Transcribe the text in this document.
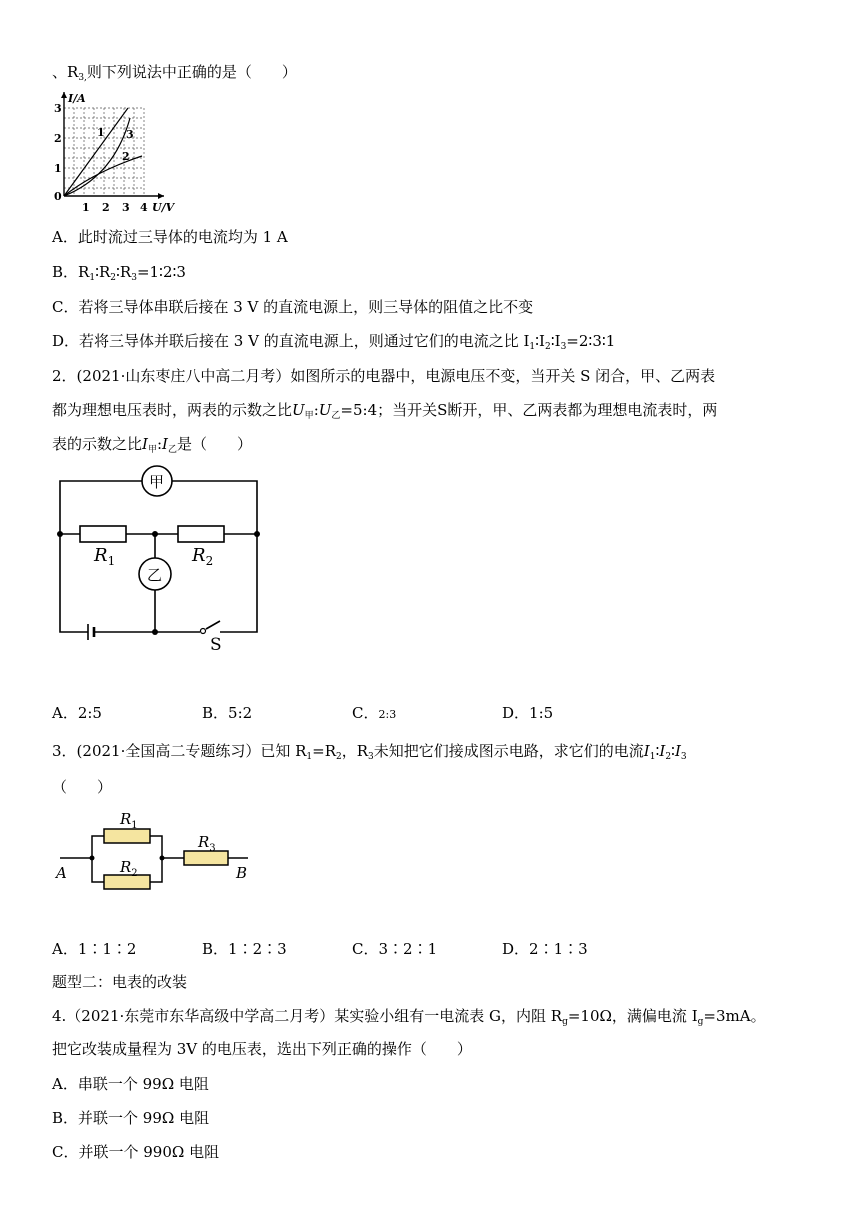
、$R_{3,}$则下列说法中正确的是（　　）
I/A
U/V
3
2
1
0
1 2 3 4
1 3
2
A．此时流过三导体的电流均为 1 A
B．$R_1∶R_2∶R_3=1∶2∶3$
C．若将三导体串联后接在 3 V 的直流电源上，则三导体的阻值之比不变
D．若将三导体并联后接在 3 V 的直流电源上，则通过它们的电流之比 $I_1∶I_2∶I_3=2∶3∶1$
2．(2021·山东枣庄八中高二月考）如图所示的电器中，电源电压不变，当开关 S 闭合，甲、乙两表
都为理想电压表时，两表的示数之比$U_甲:U_乙=5:4$；当开关S断开，甲、乙两表都为理想电流表时，两
表的示数之比$I_甲:I_乙$是（　　）
甲
乙
$R_1$	$R_2$
S
A．2:5	B．5:2	C．2:3	D．1:5
3．(2021·全国高二专题练习）已知 $R_1=R_2$，$R_3$未知把它们接成图示电路，求它们的电流$I_1∶I_2∶I_3$
（　　）
$R_1$
$R_2$
$R_3$
A	B
A．1∶1∶2	B．1∶2∶3	C．3∶2∶1	D．2∶1∶3
题型二：电表的改装
4.（2021·东莞市东华高级中学高二月考）某实验小组有一电流表 G，内阻 $R_g=10\Omega$，满偏电流 $I_g=3mA$。
把它改装成量程为 3V 的电压表，选出下列正确的操作（　　）
A．串联一个 99Ω 电阻
B．并联一个 99Ω 电阻
C．并联一个 990Ω 电阻
